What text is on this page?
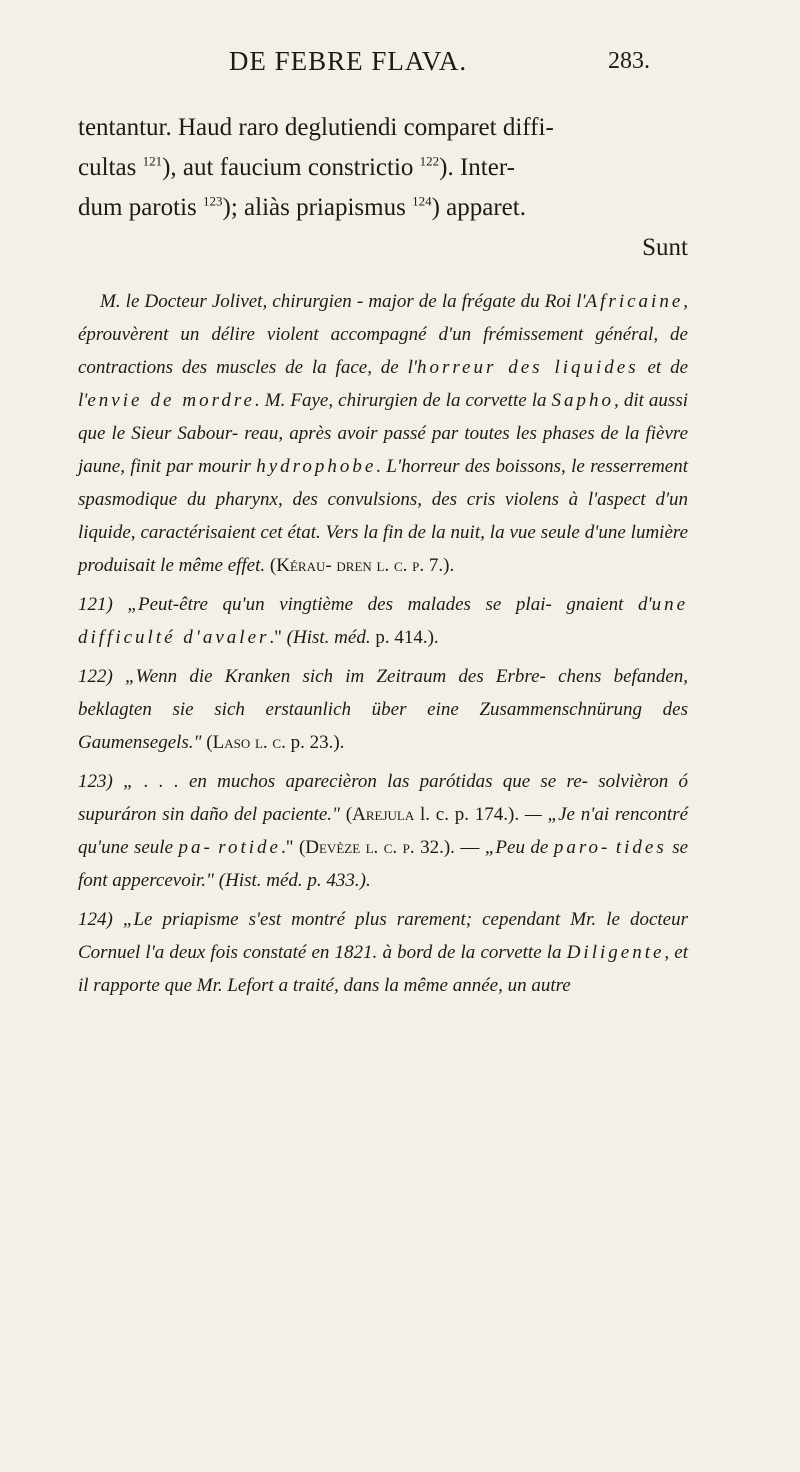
DE FEBRE FLAVA.	283.
tentantur. Haud raro deglutiendi comparet diffi-
cultas $^{121}$), aut faucium constrictio $^{122}$). Inter-
dum parotis $^{123}$); aliàs priapismus $^{124}$) apparet.
Sunt
M. le Docteur Jolivet, chirurgien - major de la frégate du Roi l'Africaine, éprouvèrent un délire violent accompagné d'un frémissement général, de contractions des muscles de la face, de l'horreur des liquides et de l'envie de mordre. M. Faye, chirurgien de la corvette la Sapho, dit aussi que le Sieur Sabour- reau, après avoir passé par toutes les phases de la fièvre jaune, finit par mourir hydrophobe. L'horreur des boissons, le resserrement spasmodique du pharynx, des convulsions, des cris violens à l'aspect d'un liquide, caractérisaient cet état. Vers la fin de la nuit, la vue seule d'une lumière produisait le même effet. (Kérau- dren l. c. p. 7.).
121) „Peut-être qu'un vingtième des malades se plai- gnaient d'une difficulté d'avaler." (Hist. méd. p. 414.).
122) „Wenn die Kranken sich im Zeitraum des Erbre- chens befanden, beklagten sie sich erstaunlich über eine Zusammenschnürung des Gaumensegels." (Laso l. c. p. 23.).
123) „ . . . en muchos aparecièron las parótidas que se re- solvièron ó supuráron sin daño del paciente." (Arejula l. c. p. 174.). — „Je n'ai rencontré qu'une seule pa- rotide." (Devèze l. c. p. 32.). — „Peu de paro- tides se font appercevoir." (Hist. méd. p. 433.).
124) „Le priapisme s'est montré plus rarement; cependant Mr. le docteur Cornuel l'a deux fois constaté en 1821. à bord de la corvette la Diligente, et il rapporte que Mr. Lefort a traité, dans la même année, un autre
